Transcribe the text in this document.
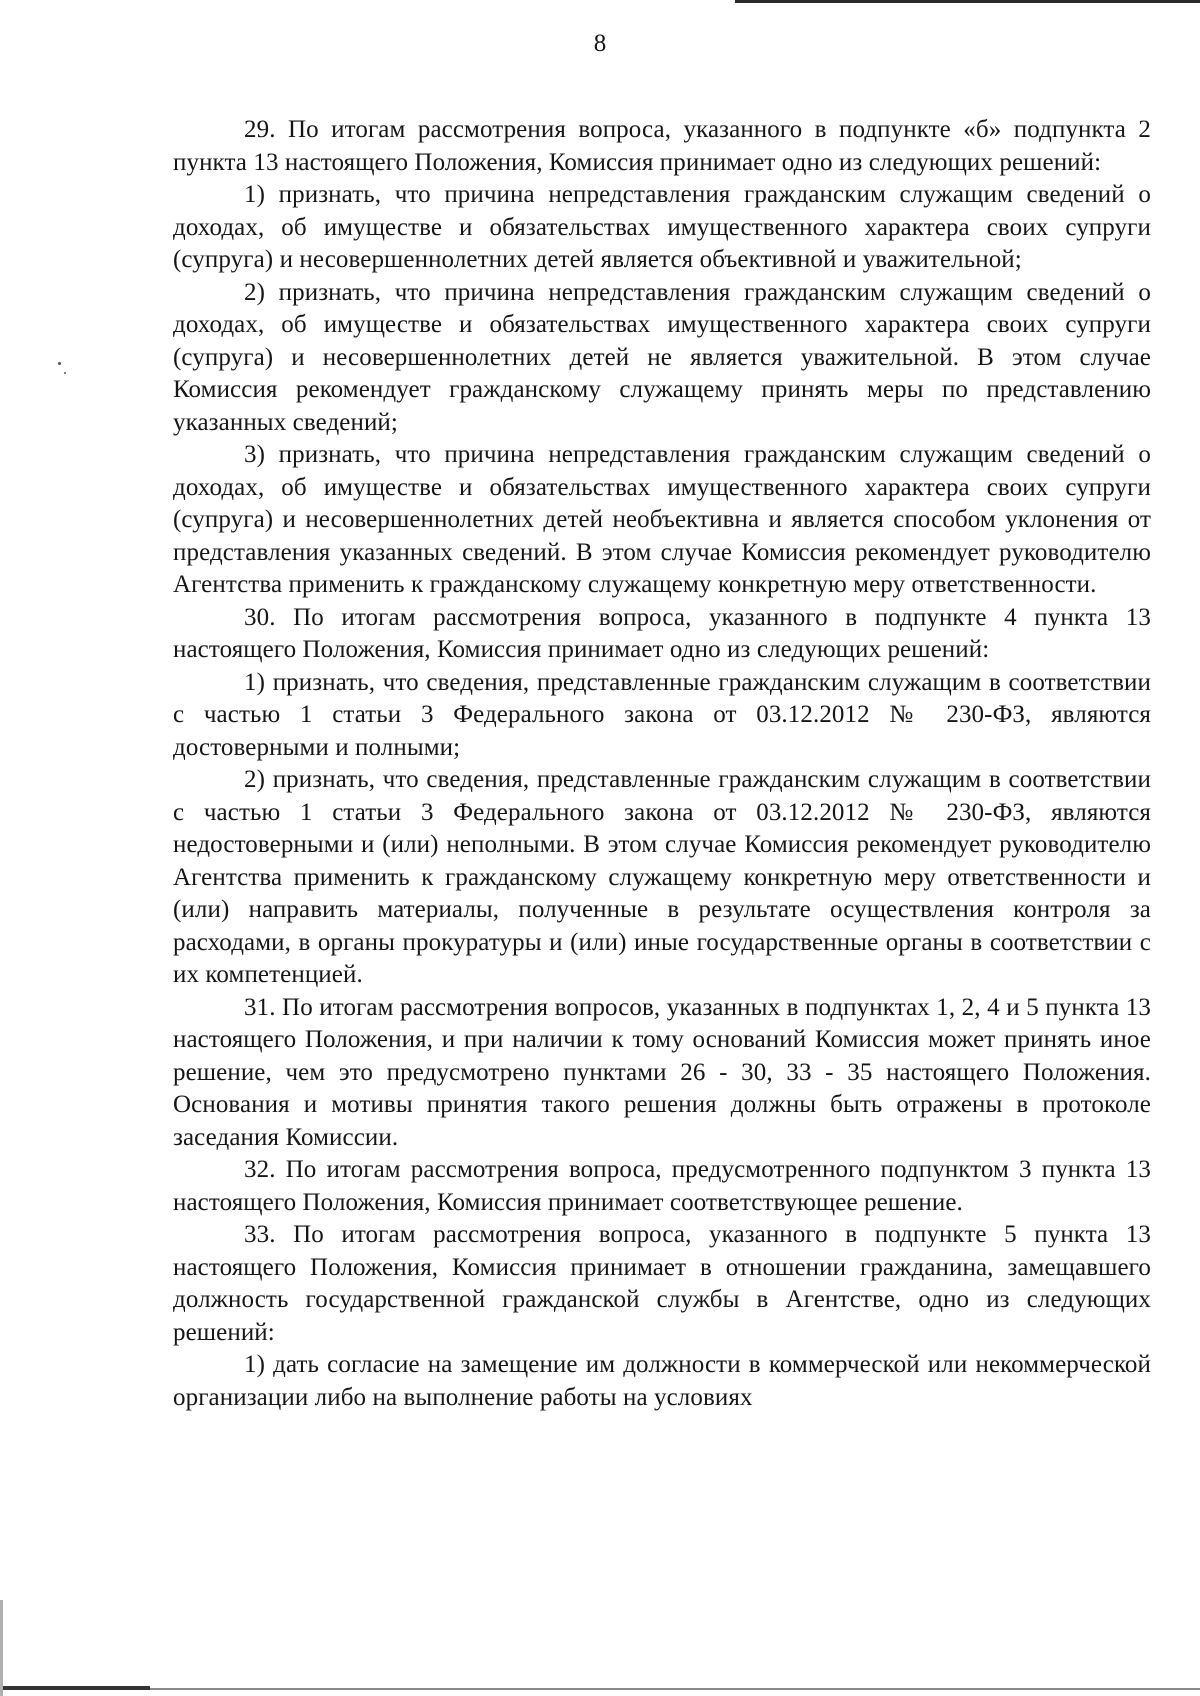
8

29. По итогам рассмотрения вопроса, указанного в подпункте «б» подпункта 2 пункта 13 настоящего Положения, Комиссия принимает одно из следующих решений:

1) признать, что причина непредставления гражданским служащим сведений о доходах, об имуществе и обязательствах имущественного характера своих супруги (супруга) и несовершеннолетних детей является объективной и уважительной;

2) признать, что причина непредставления гражданским служащим сведений о доходах, об имуществе и обязательствах имущественного характера своих супруги (супруга) и несовершеннолетних детей не является уважительной. В этом случае Комиссия рекомендует гражданскому служащему принять меры по представлению указанных сведений;

3) признать, что причина непредставления гражданским служащим сведений о доходах, об имуществе и обязательствах имущественного характера своих супруги (супруга) и несовершеннолетних детей необъективна и является способом уклонения от представления указанных сведений. В этом случае Комиссия рекомендует руководителю Агентства применить к гражданскому служащему конкретную меру ответственности.

30. По итогам рассмотрения вопроса, указанного в подпункте 4 пункта 13 настоящего Положения, Комиссия принимает одно из следующих решений:

1) признать, что сведения, представленные гражданским служащим в соответствии с частью 1 статьи 3 Федерального закона от 03.12.2012 № 230-ФЗ, являются достоверными и полными;

2) признать, что сведения, представленные гражданским служащим в соответствии с частью 1 статьи 3 Федерального закона от 03.12.2012 № 230-ФЗ, являются недостоверными и (или) неполными. В этом случае Комиссия рекомендует руководителю Агентства применить к гражданскому служащему конкретную меру ответственности и (или) направить материалы, полученные в результате осуществления контроля за расходами, в органы прокуратуры и (или) иные государственные органы в соответствии с их компетенцией.

31. По итогам рассмотрения вопросов, указанных в подпунктах 1, 2, 4 и 5 пункта 13 настоящего Положения, и при наличии к тому оснований Комиссия может принять иное решение, чем это предусмотрено пунктами 26 - 30, 33 - 35 настоящего Положения. Основания и мотивы принятия такого решения должны быть отражены в протоколе заседания Комиссии.

32. По итогам рассмотрения вопроса, предусмотренного подпунктом 3 пункта 13 настоящего Положения, Комиссия принимает соответствующее решение.

33. По итогам рассмотрения вопроса, указанного в подпункте 5 пункта 13 настоящего Положения, Комиссия принимает в отношении гражданина, замещавшего должность государственной гражданской службы в Агентстве, одно из следующих решений:

1) дать согласие на замещение им должности в коммерческой или некоммерческой организации либо на выполнение работы на условиях
